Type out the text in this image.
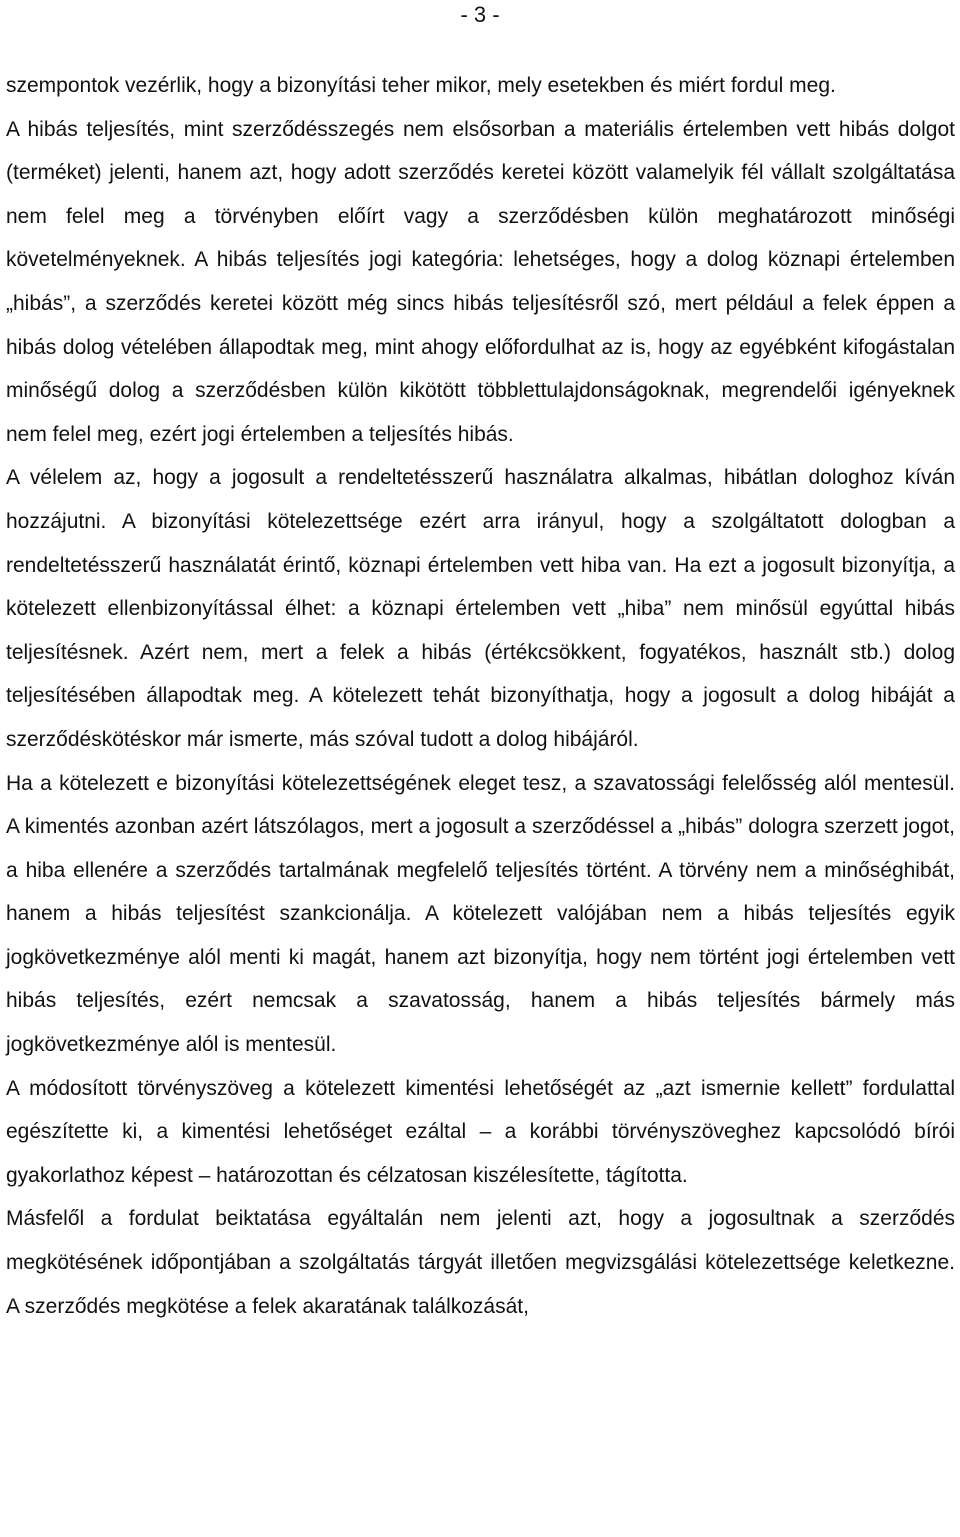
- 3 -

szempontok vezérlik, hogy a bizonyítási teher mikor, mely esetekben és miért fordul meg.

A hibás teljesítés, mint szerződésszegés nem elsősorban a materiális értelemben vett hibás dolgot (terméket) jelenti, hanem azt, hogy adott szerződés keretei között valamelyik fél vállalt szolgáltatása nem felel meg a törvényben előírt vagy a szerződésben külön meghatározott minőségi követelményeknek. A hibás teljesítés jogi kategória: lehetséges, hogy a dolog köznapi értelemben „hibás”, a szerződés keretei között még sincs hibás teljesítésről szó, mert például a felek éppen a hibás dolog vételében állapodtak meg, mint ahogy előfordulhat az is, hogy az egyébként kifogástalan minőségű dolog a szerződésben külön kikötött többlettulajdonságoknak, megrendelői igényeknek nem felel meg, ezért jogi értelemben a teljesítés hibás.

A vélelem az, hogy a jogosult a rendeltetésszerű használatra alkalmas, hibátlan dologhoz kíván hozzájutni. A bizonyítási kötelezettsége ezért arra irányul, hogy a szolgáltatott dologban a rendeltetésszerű használatát érintő, köznapi értelemben vett hiba van. Ha ezt a jogosult bizonyítja, a kötelezett ellenbizonyítással élhet: a köznapi értelemben vett „hiba” nem minősül egyúttal hibás teljesítésnek. Azért nem, mert a felek a hibás (értékcsökkent, fogyatékos, használt stb.) dolog teljesítésében állapodtak meg. A kötelezett tehát bizonyíthatja, hogy a jogosult a dolog hibáját a szerződéskötéskor már ismerte, más szóval tudott a dolog hibájáról.

Ha a kötelezett e bizonyítási kötelezettségének eleget tesz, a szavatossági felelősség alól mentesül. A kimentés azonban azért látszólagos, mert a jogosult a szerződéssel a „hibás” dologra szerzett jogot, a hiba ellenére a szerződés tartalmának megfelelő teljesítés történt. A törvény nem a minőséghibát, hanem a hibás teljesítést szankcionálja. A kötelezett valójában nem a hibás teljesítés egyik jogkövetkezménye alól menti ki magát, hanem azt bizonyítja, hogy nem történt jogi értelemben vett hibás teljesítés, ezért nemcsak a szavatosság, hanem a hibás teljesítés bármely más jogkövetkezménye alól is mentesül.

A módosított törvényszöveg a kötelezett kimentési lehetőségét az „azt ismernie kellett” fordulattal egészítette ki, a kimentési lehetőséget ezáltal – a korábbi törvényszöveghez kapcsolódó bírói gyakorlathoz képest – határozottan és célzatosan kiszélesítette, tágította.

Másfelől a fordulat beiktatása egyáltalán nem jelenti azt, hogy a jogosultnak a szerződés megkötésének időpontjában a szolgáltatás tárgyát illetően megvizsgálási kötelezettsége keletkezne. A szerződés megkötése a felek akaratának találkozását,
